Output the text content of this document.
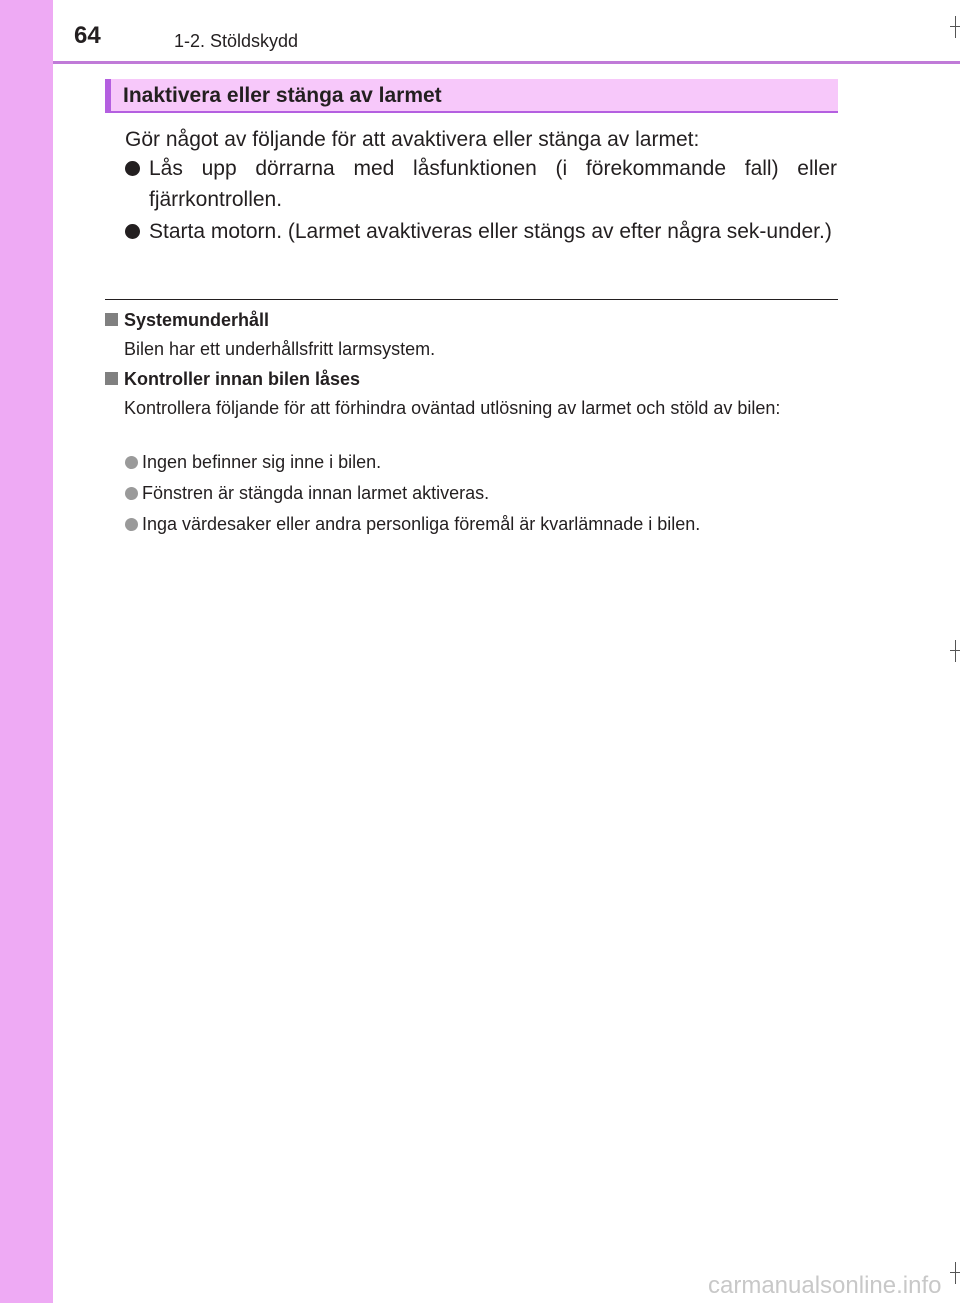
64	1-2. Stöldskydd
Inaktivera eller stänga av larmet
Gör något av följande för att avaktivera eller stänga av larmet:
Lås upp dörrarna med låsfunktionen (i förekommande fall) eller fjärrkontrollen.
Starta motorn. (Larmet avaktiveras eller stängs av efter några sek-under.)
Systemunderhåll
Bilen har ett underhållsfritt larmsystem.
Kontroller innan bilen låses
Kontrollera följande för att förhindra oväntad utlösning av larmet och stöld av bilen:
Ingen befinner sig inne i bilen.
Fönstren är stängda innan larmet aktiveras.
Inga värdesaker eller andra personliga föremål är kvarlämnade i bilen.
carmanualsonline.info
